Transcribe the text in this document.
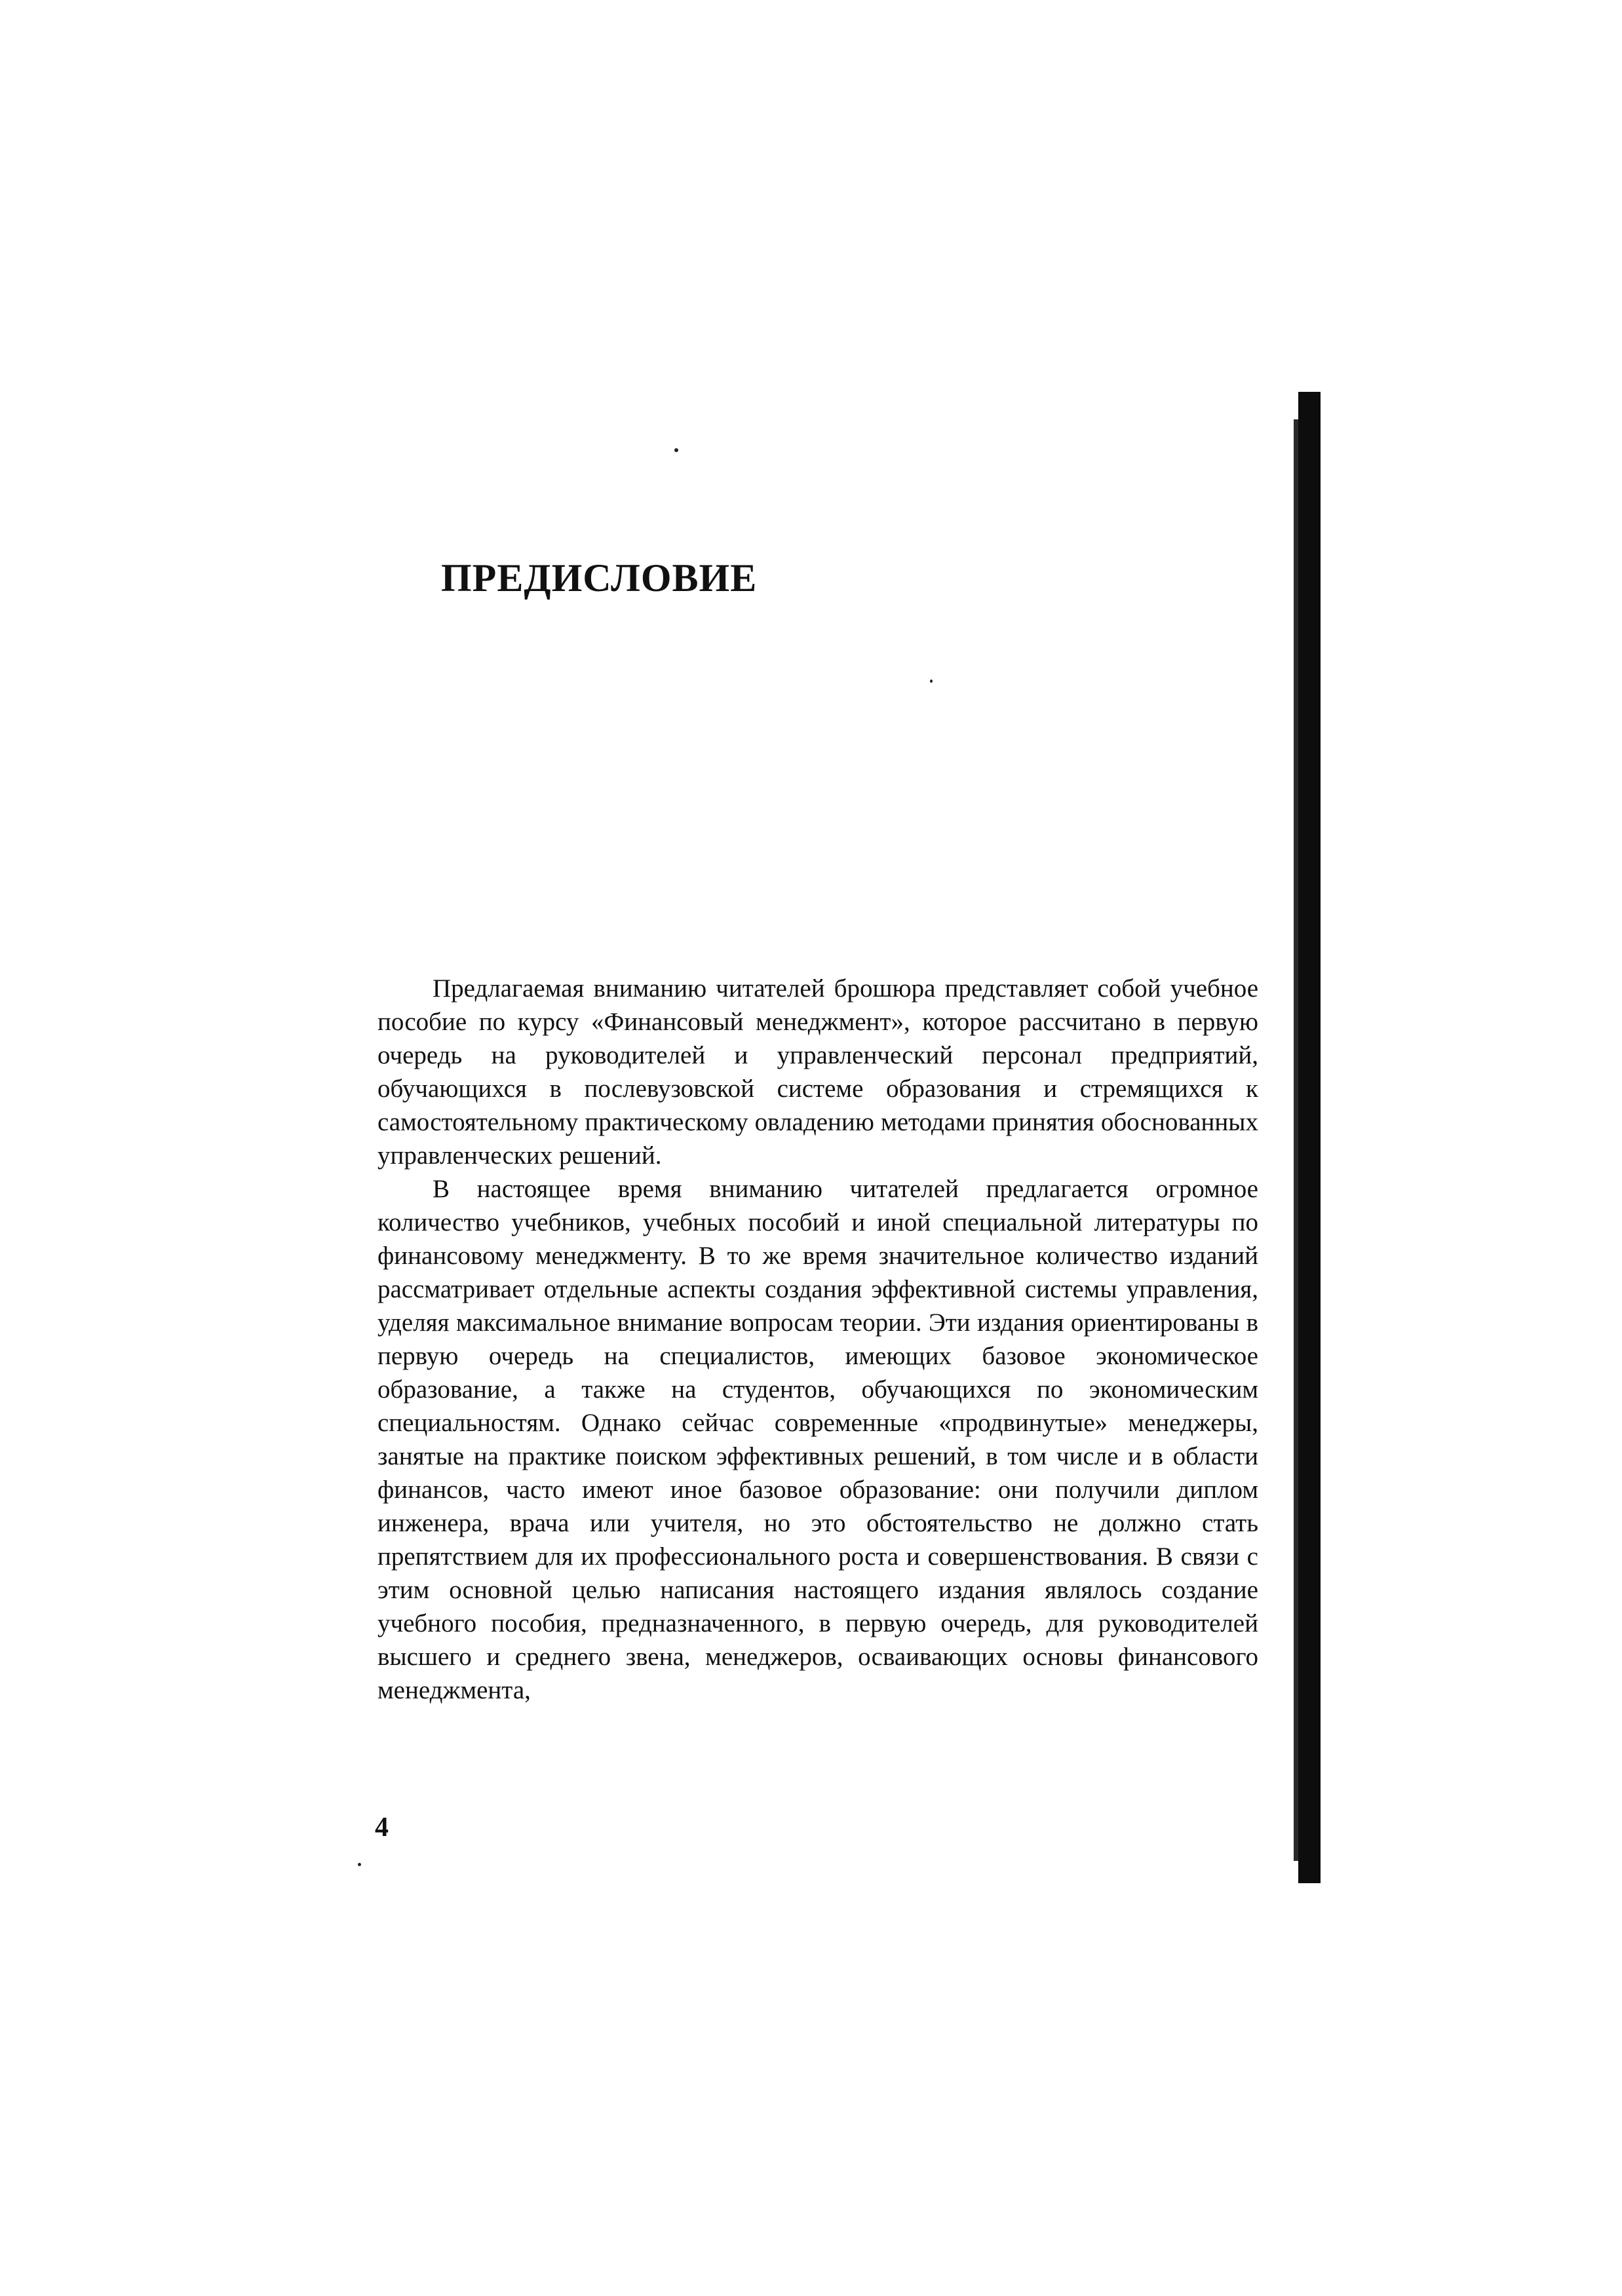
ПРЕДИСЛОВИЕ

Предлагаемая вниманию читателей брошюра представляет собой учебное пособие по курсу «Финансовый менеджмент», которое рассчитано в первую очередь на руководителей и управленческий персонал предприятий, обучающихся в послевузовской системе образования и стремящихся к самостоятельному практическому овладению методами принятия обоснованных управленческих решений.

В настоящее время вниманию читателей предлагается огромное количество учебников, учебных пособий и иной специальной литературы по финансовому менеджменту. В то же время значительное количество изданий рассматривает отдельные аспекты создания эффективной системы управления, уделяя максимальное внимание вопросам теории. Эти издания ориентированы в первую очередь на специалистов, имеющих базовое экономическое образование, а также на студентов, обучающихся по экономическим специальностям. Однако сейчас современные «продвинутые» менеджеры, занятые на практике поиском эффективных решений, в том числе и в области финансов, часто имеют иное базовое образование: они получили диплом инженера, врача или учителя, но это обстоятельство не должно стать препятствием для их профессионального роста и совершенствования. В связи с этим основной целью написания настоящего издания являлось создание учебного пособия, предназначенного, в первую очередь, для руководителей высшего и среднего звена, менеджеров, осваивающих основы финансового менеджмента,

4
